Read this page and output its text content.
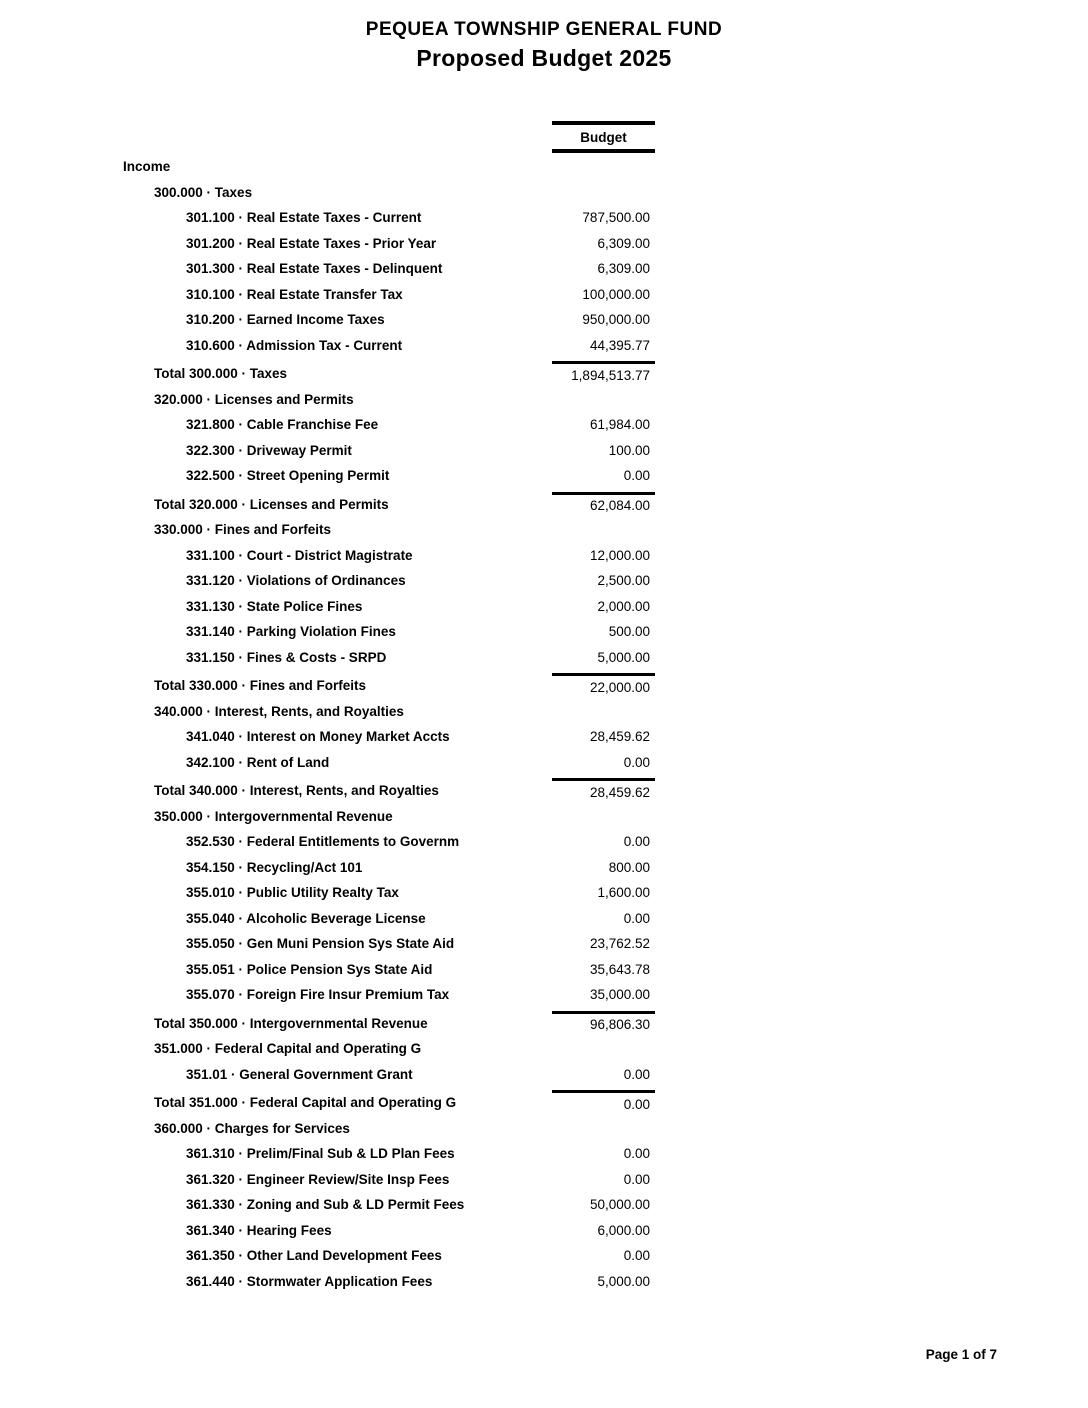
PEQUEA TOWNSHIP GENERAL FUND
Proposed Budget 2025
Budget
Income
300.000 · Taxes
301.100 · Real Estate Taxes - Current	787,500.00
301.200 · Real Estate Taxes - Prior Year	6,309.00
301.300 · Real Estate Taxes - Delinquent	6,309.00
310.100 · Real Estate Transfer Tax	100,000.00
310.200 · Earned Income Taxes	950,000.00
310.600 · Admission Tax - Current	44,395.77
Total 300.000 · Taxes	1,894,513.77
320.000 · Licenses and Permits
321.800 · Cable Franchise Fee	61,984.00
322.300 · Driveway Permit	100.00
322.500 · Street Opening Permit	0.00
Total 320.000 · Licenses and Permits	62,084.00
330.000 · Fines and Forfeits
331.100 · Court - District Magistrate	12,000.00
331.120 · Violations of Ordinances	2,500.00
331.130 · State Police Fines	2,000.00
331.140 · Parking Violation Fines	500.00
331.150 · Fines & Costs - SRPD	5,000.00
Total 330.000 · Fines and Forfeits	22,000.00
340.000 · Interest, Rents, and Royalties
341.040 · Interest on Money Market Accts	28,459.62
342.100 · Rent of Land	0.00
Total 340.000 · Interest, Rents, and Royalties	28,459.62
350.000 · Intergovernmental Revenue
352.530 · Federal Entitlements to Governm	0.00
354.150 · Recycling/Act 101	800.00
355.010 · Public Utility Realty Tax	1,600.00
355.040 · Alcoholic Beverage License	0.00
355.050 · Gen Muni Pension Sys State Aid	23,762.52
355.051 · Police Pension Sys State Aid	35,643.78
355.070 · Foreign Fire Insur Premium Tax	35,000.00
Total 350.000 · Intergovernmental Revenue	96,806.30
351.000 · Federal Capital and Operating G
351.01 · General Government Grant	0.00
Total 351.000 · Federal Capital and Operating G	0.00
360.000 · Charges for Services
361.310 · Prelim/Final Sub & LD Plan Fees	0.00
361.320 · Engineer Review/Site Insp Fees	0.00
361.330 · Zoning and Sub & LD Permit Fees	50,000.00
361.340 · Hearing Fees	6,000.00
361.350 · Other Land Development Fees	0.00
361.440 · Stormwater Application Fees	5,000.00
Page 1 of 7
